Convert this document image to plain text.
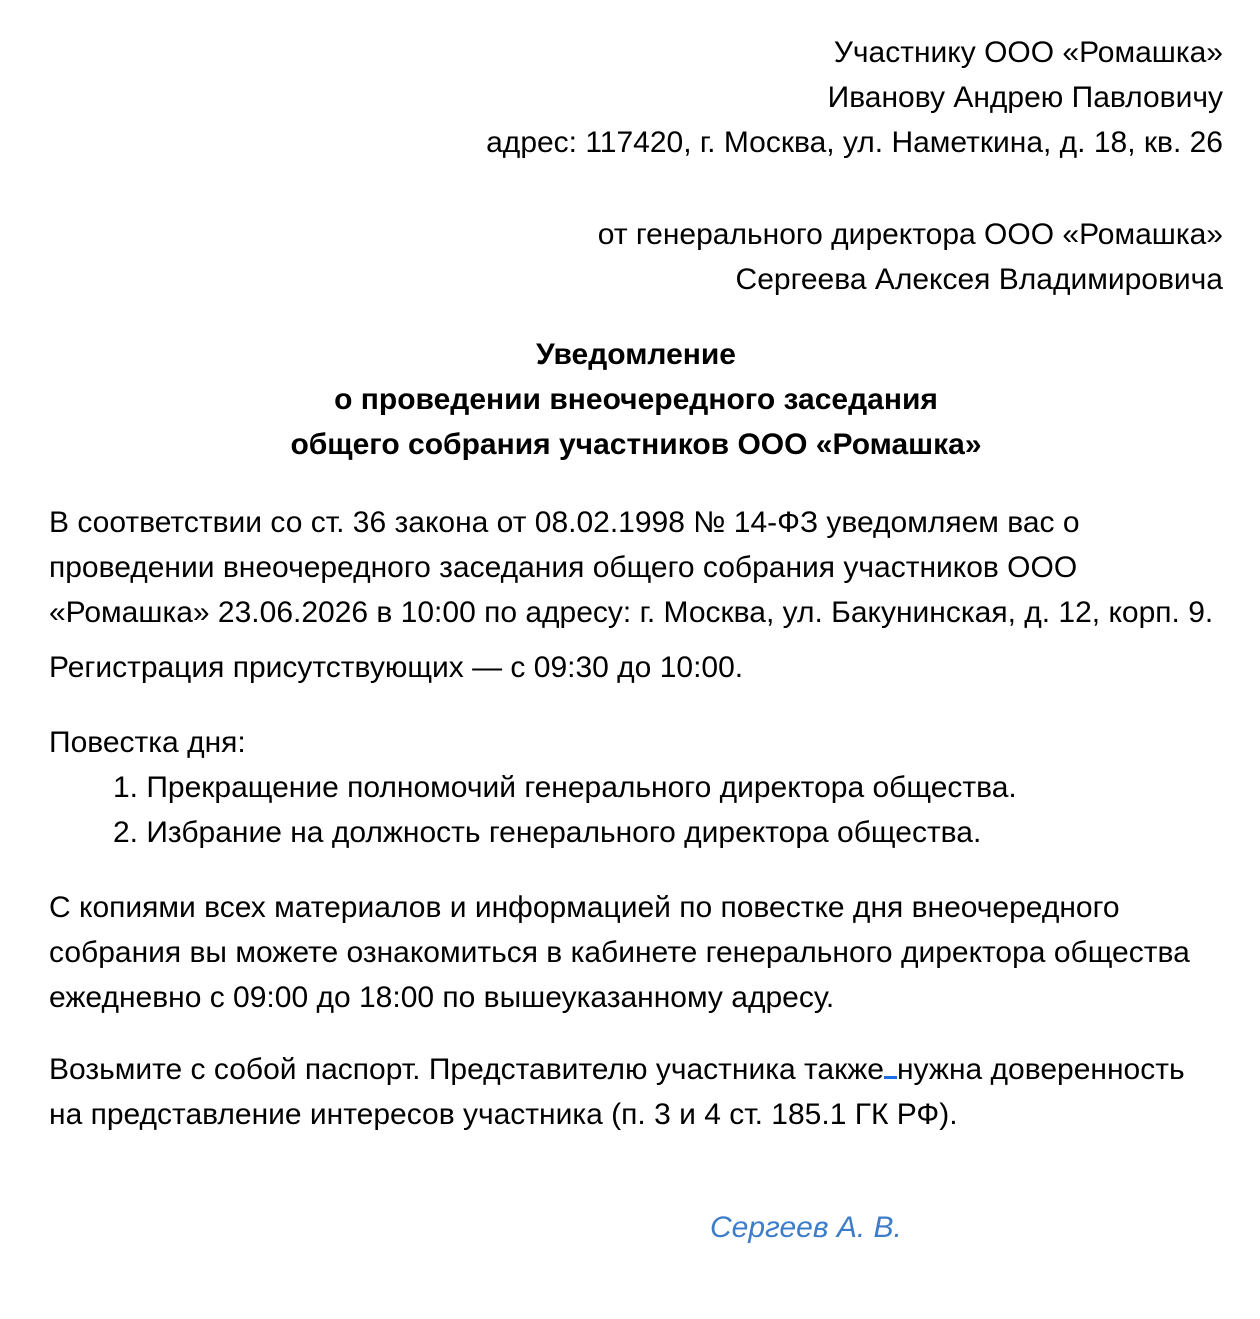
Участнику ООО «Ромашка»
Иванову Андрею Павловичу
адрес: 117420, г. Москва, ул. Наметкина, д. 18, кв. 26
от генерального директора ООО «Ромашка»
Сергеева Алексея Владимировича
Уведомление
о проведении внеочередного заседания
общего собрания участников ООО «Ромашка»

В соответствии со ст. 36 закона от 08.02.1998 № 14-ФЗ уведомляем вас о проведении внеочередного заседания общего собрания участников ООО «Ромашка» 23.06.2026 в 10:00 по адресу: г. Москва, ул. Бакунинская, д. 12, корп. 9.

Регистрация присутствующих — с 09:30 до 10:00.

Повестка дня:
1. Прекращение полномочий генерального директора общества.
2. Избрание на должность генерального директора общества.

С копиями всех материалов и информацией по повестке дня внеочередного собрания вы можете ознакомиться в кабинете генерального директора общества ежедневно с 09:00 до 18:00 по вышеуказанному адресу.

Возьмите с собой паспорт. Представителю участника также нужна доверенность на представление интересов участника (п. 3 и 4 ст. 185.1 ГК РФ).

Сергеев А. В.
